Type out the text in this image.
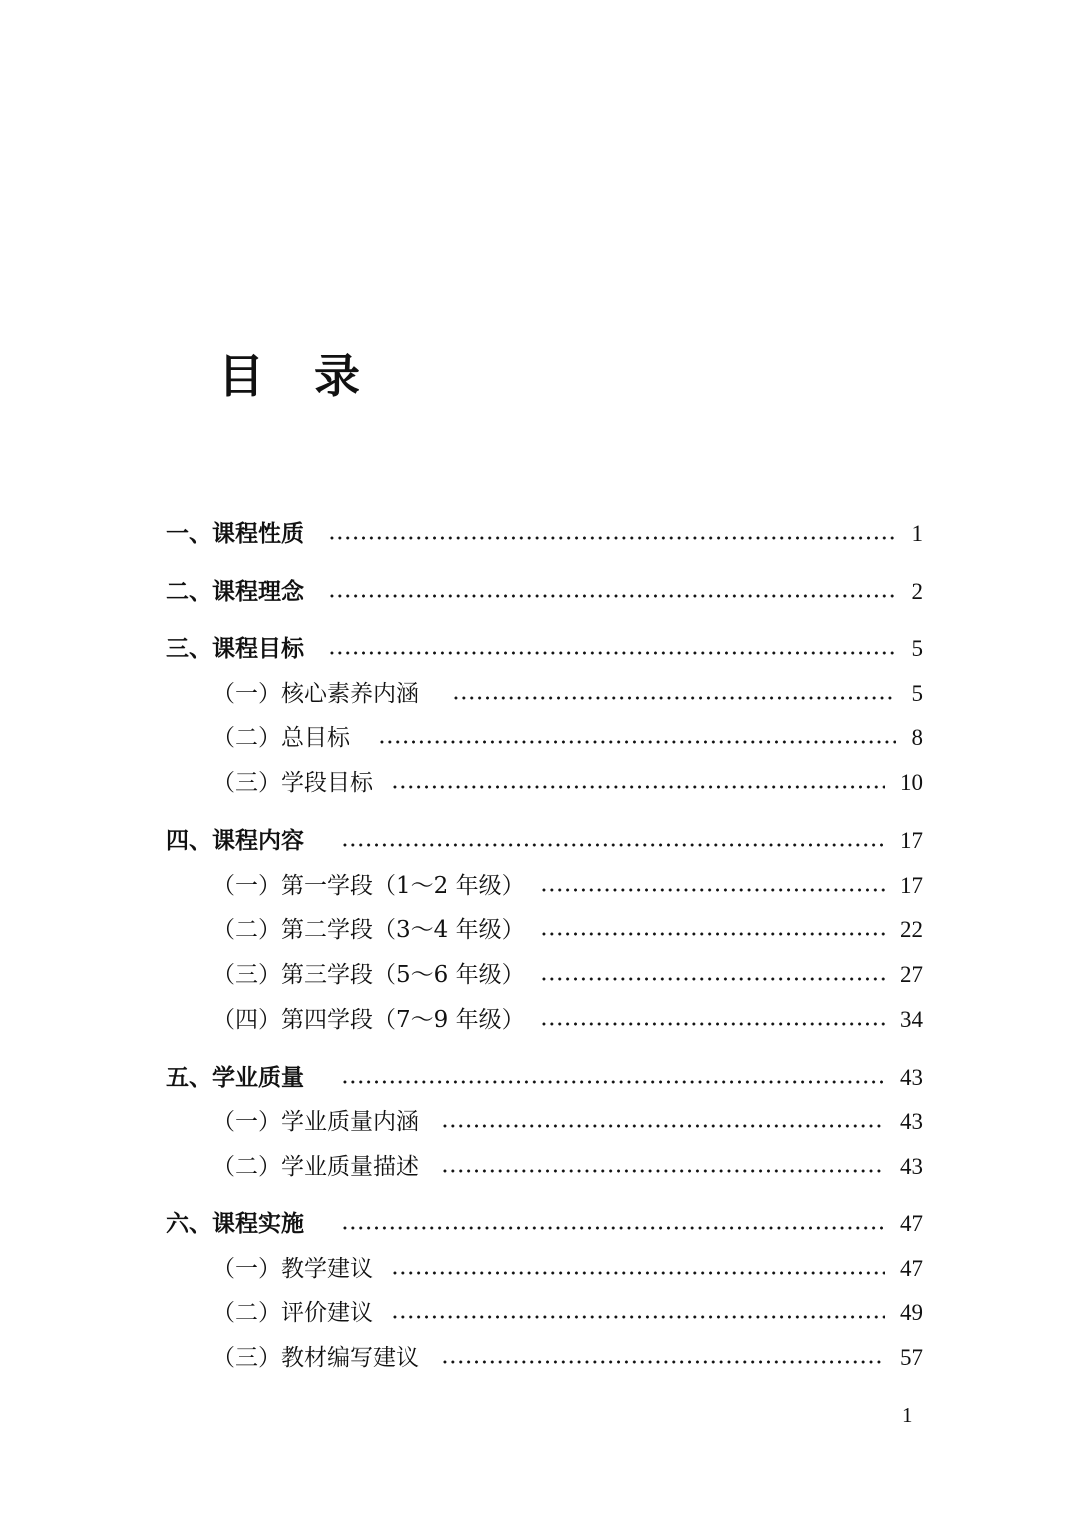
目　录
一、课程性质	1
二、课程理念	2
三、课程目标	5
（一）核心素养内涵	5
（二）总目标	8
（三）学段目标	10
四、课程内容	17
（一）第一学段（1～2 年级）	17
（二）第二学段（3～4 年级）	22
（三）第三学段（5～6 年级）	27
（四）第四学段（7～9 年级）	34
五、学业质量	43
（一）学业质量内涵	43
（二）学业质量描述	43
六、课程实施	47
（一）教学建议	47
（二）评价建议	49
（三）教材编写建议	57
1
